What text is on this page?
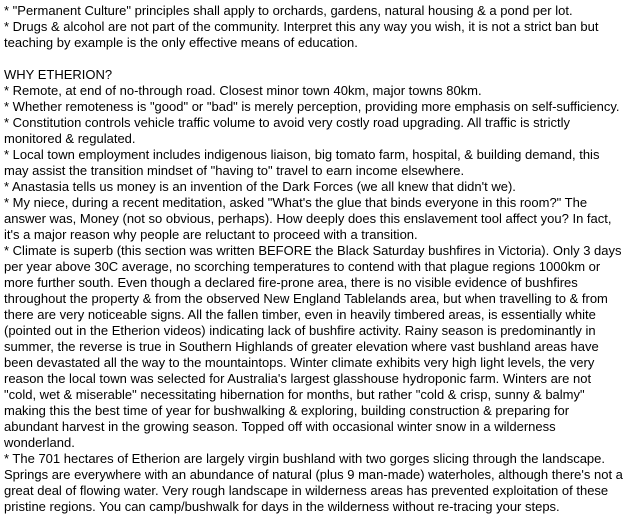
* "Permanent Culture" principles shall apply to orchards, gardens, natural housing & a pond per lot.

* Drugs & alcohol are not part of the community. Interpret this any way you wish, it is not a strict ban but teaching by example is the only effective means of education.

WHY ETHERION?

* Remote, at end of no-through road. Closest minor town 40km, major towns 80km.

* Whether remoteness is "good" or "bad" is merely perception, providing more emphasis on self-sufficiency.

* Constitution controls vehicle traffic volume to avoid very costly road upgrading. All traffic is strictly monitored & regulated.

* Local town employment includes indigenous liaison, big tomato farm, hospital, & building demand, this may assist the transition mindset of "having to" travel to earn income elsewhere.

* Anastasia tells us money is an invention of the Dark Forces (we all knew that didn't we).

* My niece, during a recent meditation, asked "What's the glue that binds everyone in this room?" The answer was, Money (not so obvious, perhaps). How deeply does this enslavement tool affect you? In fact, it's a major reason why people are reluctant to proceed with a transition.

* Climate is superb (this section was written BEFORE the Black Saturday bushfires in Victoria). Only 3 days per year above 30C average, no scorching temperatures to contend with that plague regions 1000km or more further south. Even though a declared fire-prone area, there is no visible evidence of bushfires throughout the property & from the observed New England Tablelands area, but when travelling to & from there are very noticeable signs. All the fallen timber, even in heavily timbered areas, is essentially white (pointed out in the Etherion videos) indicating lack of bushfire activity. Rainy season is predominantly in summer, the reverse is true in Southern Highlands of greater elevation where vast bushland areas have been devastated all the way to the mountaintops. Winter climate exhibits very high light levels, the very reason the local town was selected for Australia's largest glasshouse hydroponic farm. Winters are not "cold, wet & miserable" necessitating hibernation for months, but rather "cold & crisp, sunny & balmy" making this the best time of year for bushwalking & exploring, building construction & preparing for abundant harvest in the growing season. Topped off with occasional winter snow in a wilderness wonderland.

* The 701 hectares of Etherion are largely virgin bushland with two gorges slicing through the landscape. Springs are everywhere with an abundance of natural (plus 9 man-made) waterholes, although there's not a great deal of flowing water. Very rough landscape in wilderness areas has prevented exploitation of these pristine regions. You can camp/bushwalk for days in the wilderness without re-tracing your steps.
